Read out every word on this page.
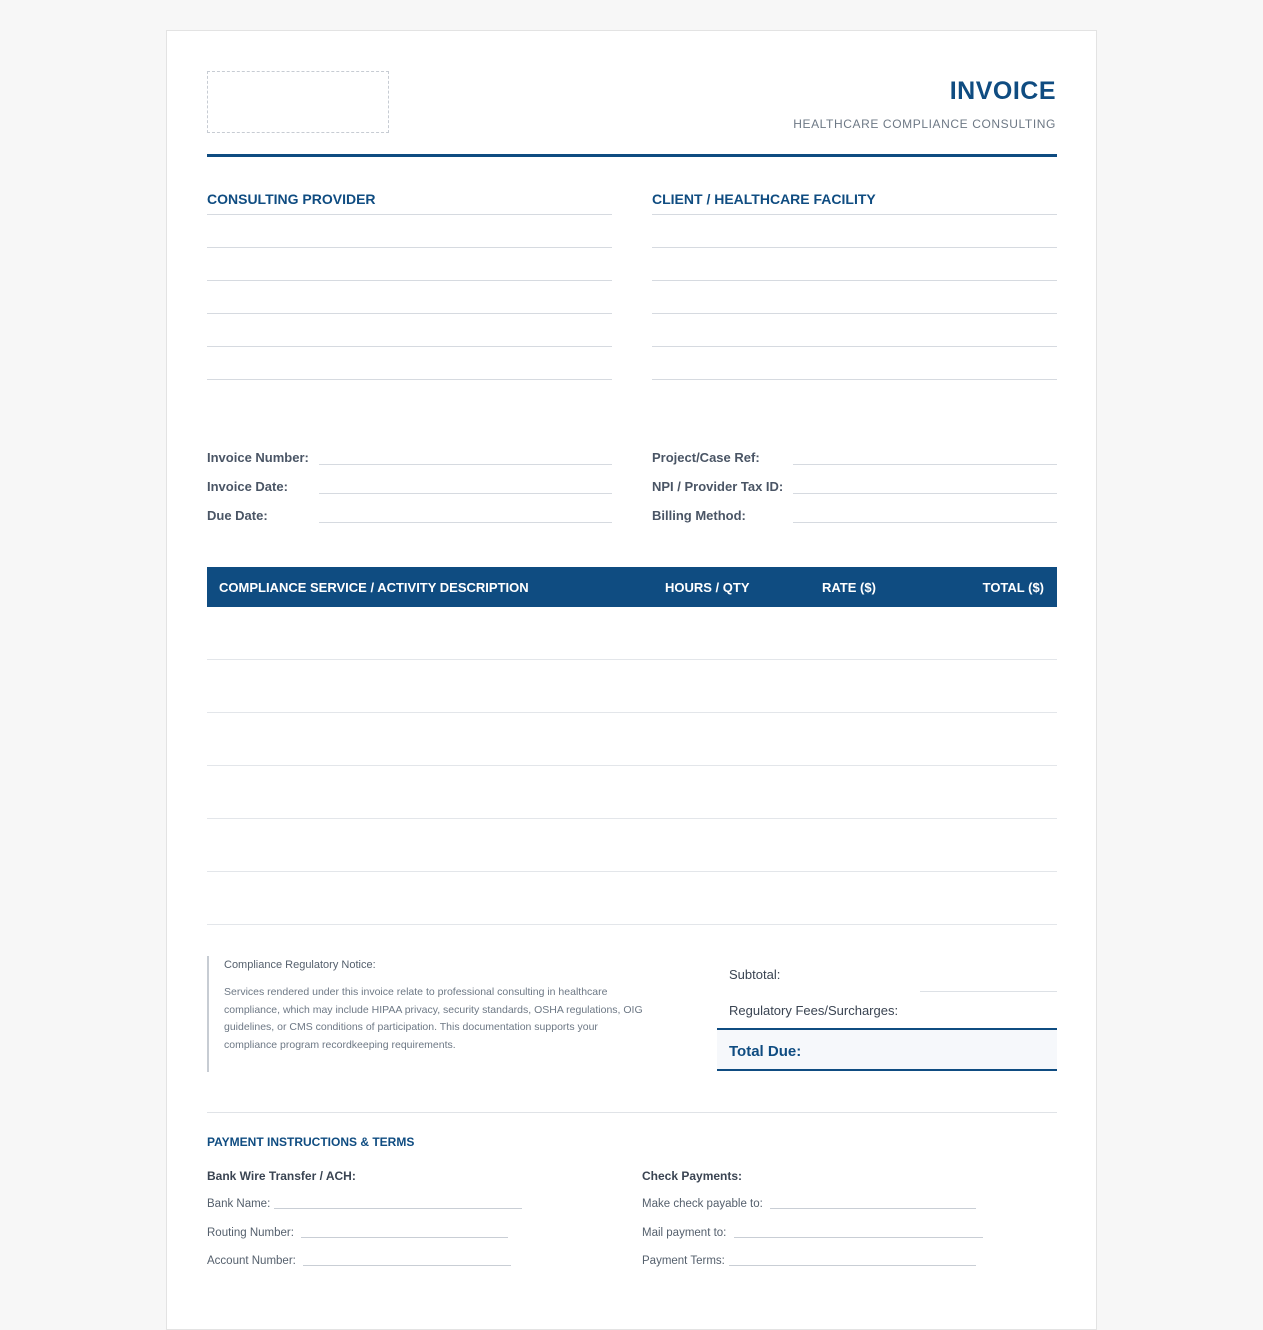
INVOICE
HEALTHCARE COMPLIANCE CONSULTING
CONSULTING PROVIDER	CLIENT / HEALTHCARE FACILITY
Invoice Number:
Invoice Date:
Due Date:
Project/Case Ref:
NPI / Provider Tax ID:
Billing Method:
COMPLIANCE SERVICE / ACTIVITY DESCRIPTION	HOURS / QTY	RATE ($)	TOTAL ($)
Compliance Regulatory Notice:
Services rendered under this invoice relate to professional consulting in healthcare compliance, which may include HIPAA privacy, security standards, OSHA regulations, OIG guidelines, or CMS conditions of participation. This documentation supports your compliance program recordkeeping requirements.
Subtotal:
Regulatory Fees/Surcharges:
Total Due:
PAYMENT INSTRUCTIONS & TERMS
Bank Wire Transfer / ACH:
Bank Name:
Routing Number:
Account Number:
Check Payments:
Make check payable to:
Mail payment to:
Payment Terms:
